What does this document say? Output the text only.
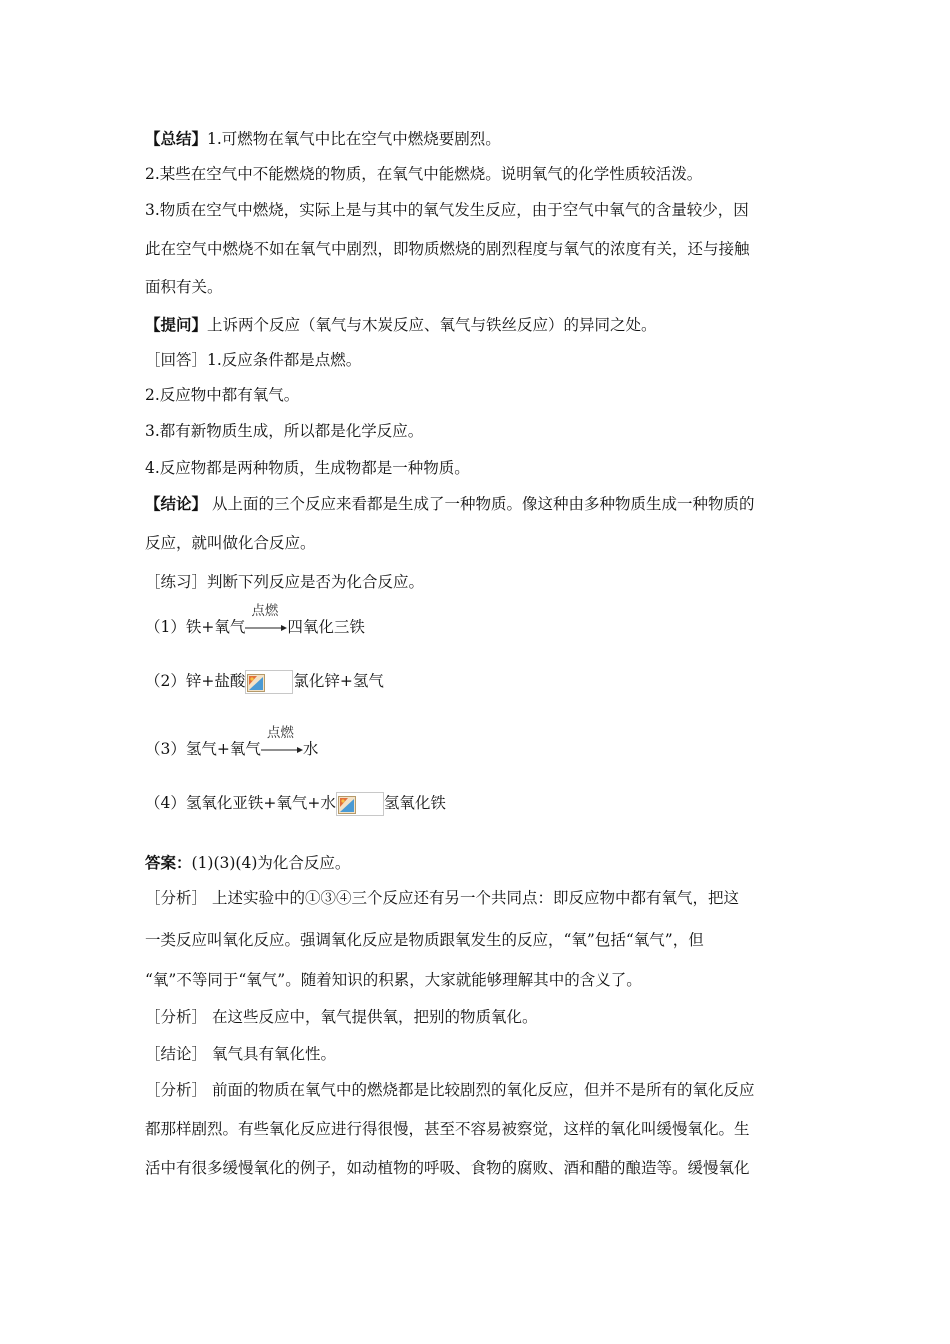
【总结】1.可燃物在氧气中比在空气中燃烧要剧烈。
2.某些在空气中不能燃烧的物质，在氧气中能燃烧。说明氧气的化学性质较活泼。
3.物质在空气中燃烧，实际上是与其中的氧气发生反应，由于空气中氧气的含量较少，因
此在空气中燃烧不如在氧气中剧烈，即物质燃烧的剧烈程度与氧气的浓度有关，还与接触
面积有关。
【提问】上诉两个反应（氧气与木炭反应、氧气与铁丝反应）的异同之处。
［回答］1.反应条件都是点燃。
2.反应物中都有氧气。
3.都有新物质生成，所以都是化学反应。
4.反应物都是两种物质，生成物都是一种物质。
【结论】 从上面的三个反应来看都是生成了一种物质。像这种由多种物质生成一种物质的
反应，就叫做化合反应。
［练习］判断下列反应是否为化合反应。
（1）铁+氧气
点燃
四氧化三铁
（2）锌+盐酸	氯化锌+氢气
（3）氢气+氧气
点燃
水
（4）氢氧化亚铁+氧气+水	氢氧化铁
答案：(1)(3)(4)为化合反应。
［分析］ 上述实验中的①③④三个反应还有另一个共同点：即反应物中都有氧气，把这
一类反应叫氧化反应。强调氧化反应是物质跟氧发生的反应，“氧”包括“氧气”，但
“氧”不等同于“氧气”。随着知识的积累，大家就能够理解其中的含义了。
［分析］ 在这些反应中，氧气提供氧，把别的物质氧化。
［结论］ 氧气具有氧化性。
［分析］ 前面的物质在氧气中的燃烧都是比较剧烈的氧化反应，但并不是所有的氧化反应
都那样剧烈。有些氧化反应进行得很慢，甚至不容易被察觉，这样的氧化叫缓慢氧化。生
活中有很多缓慢氧化的例子，如动植物的呼吸、食物的腐败、酒和醋的酿造等。缓慢氧化
